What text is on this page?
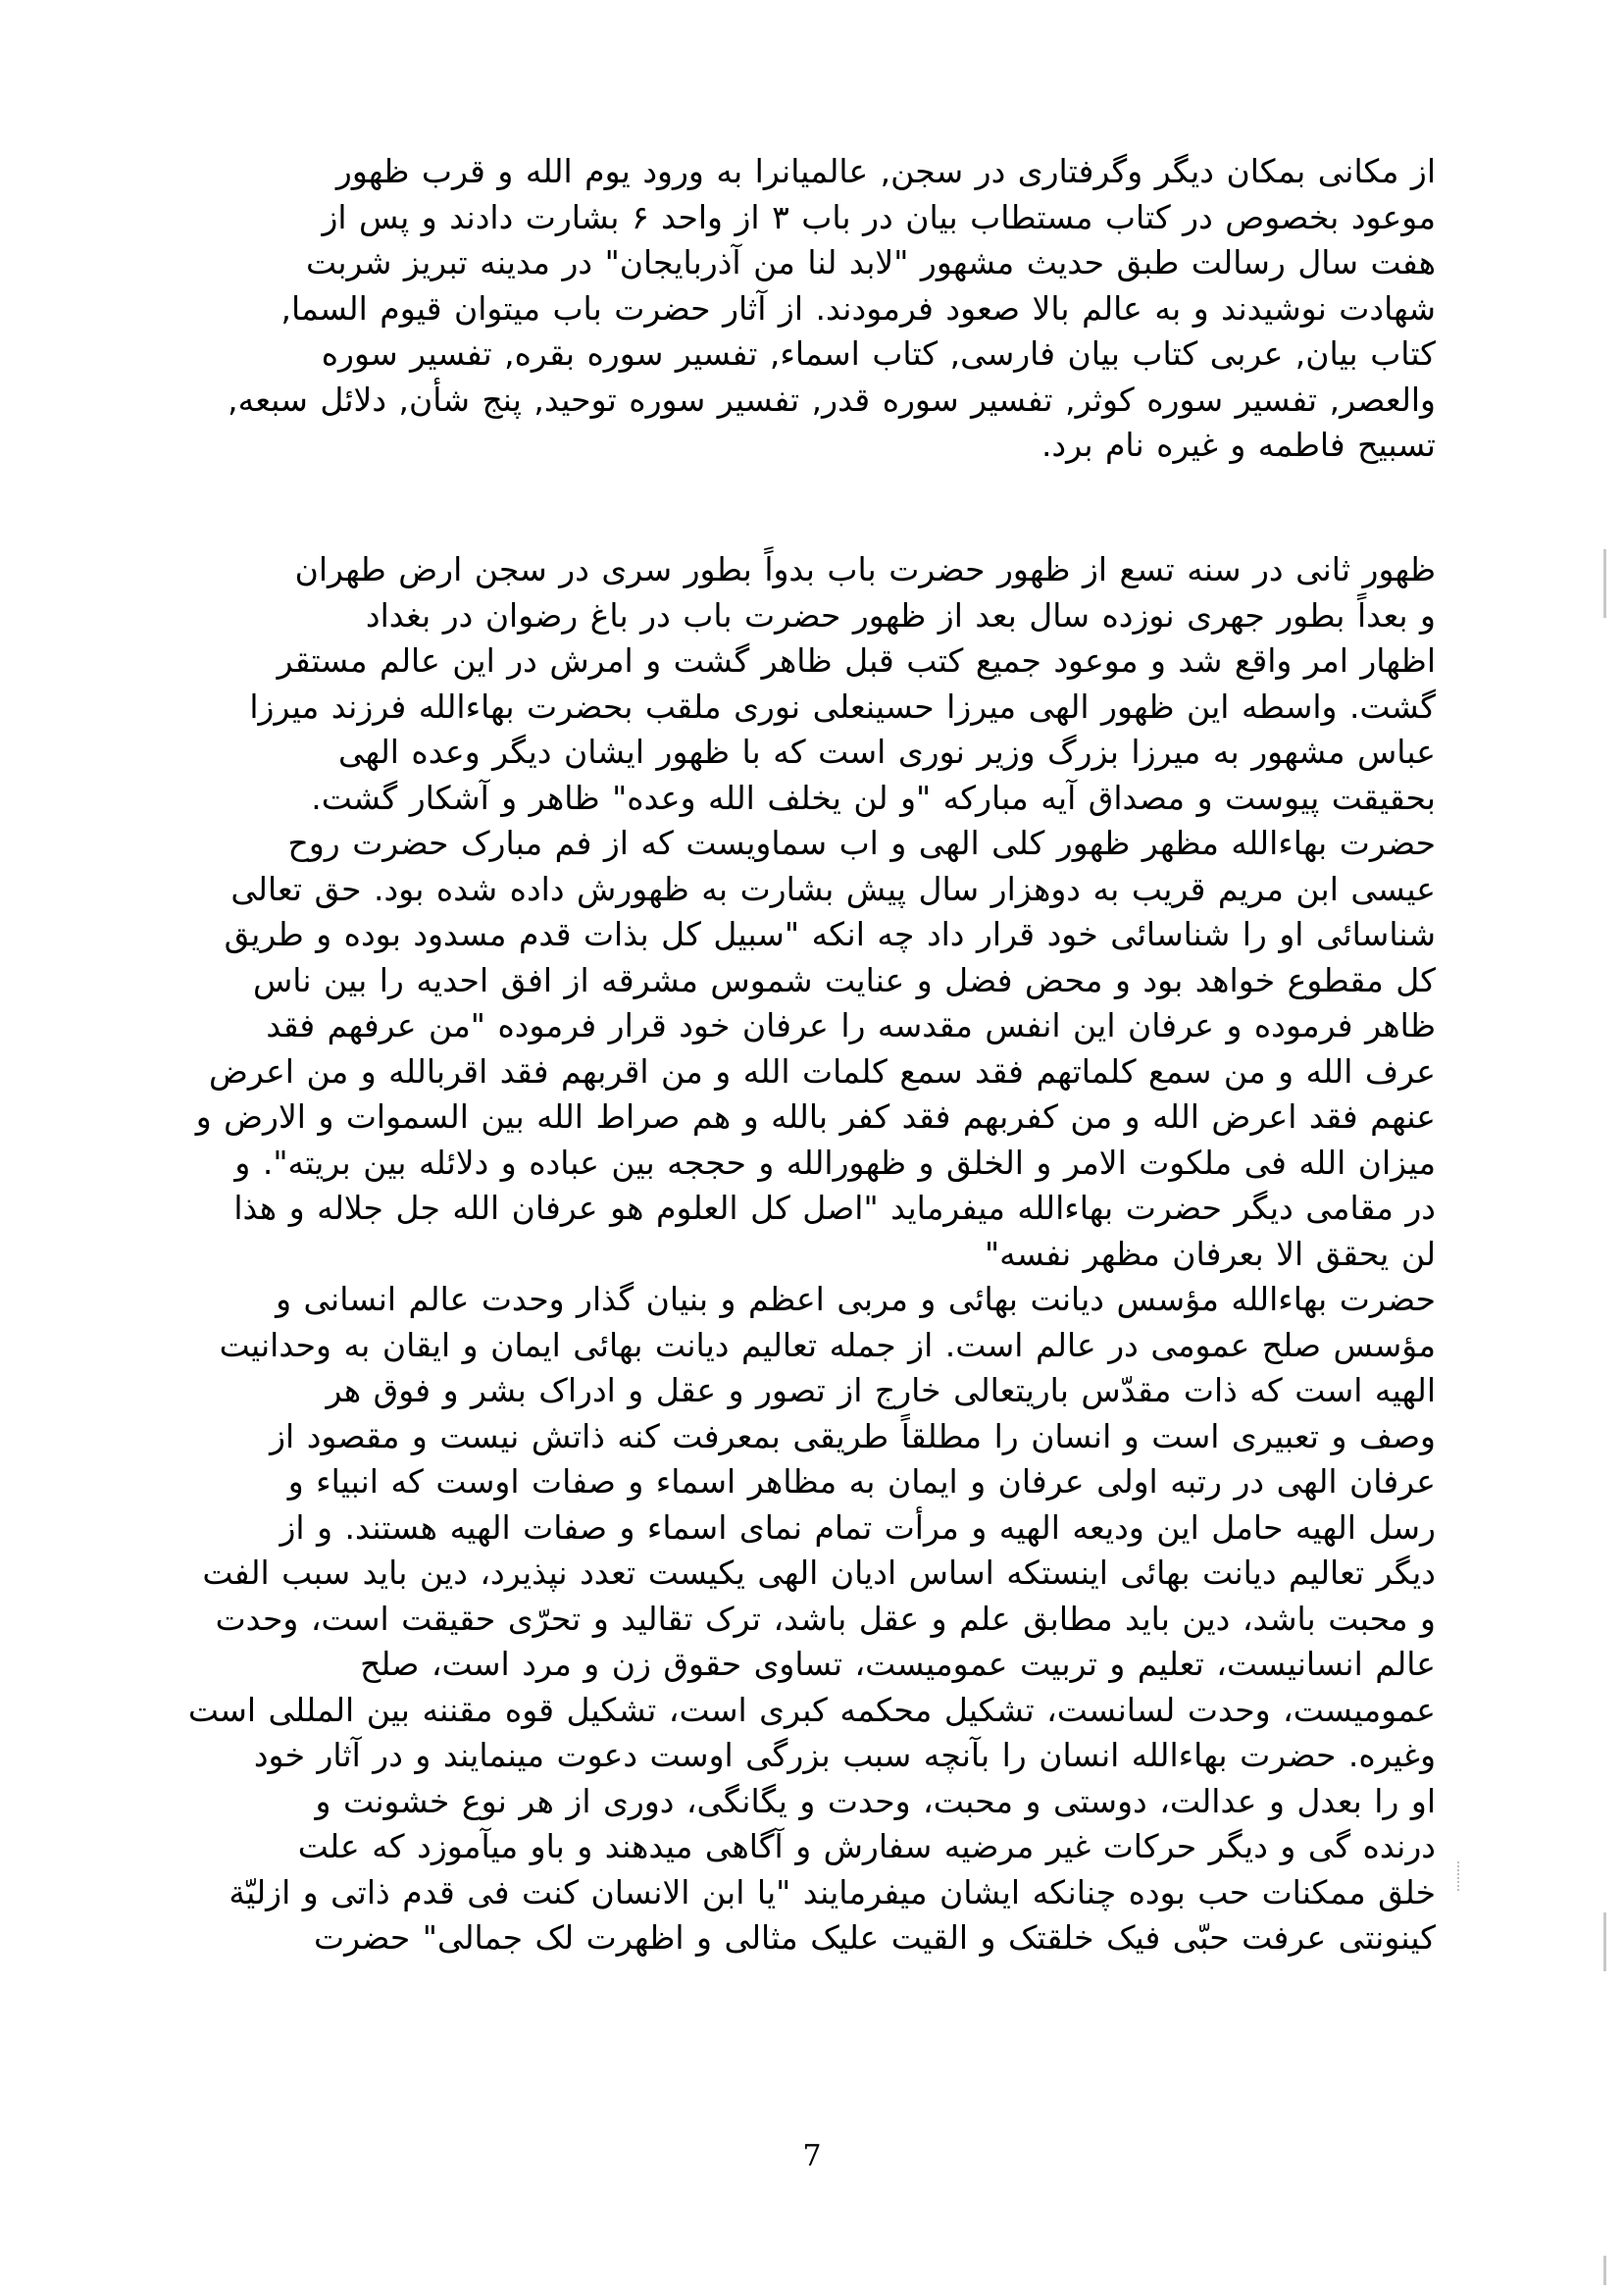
از مکانی بمکان دیگر وگرفتاری در سجن, عالمیانرا به ورود یوم الله و قرب ظهور
موعود بخصوص در کتاب مستطاب بیان در باب ۳ از واحد ۶ بشارت دادند و پس از
هفت سال رسالت طبق حدیث مشهور "لابد لنا من آذربایجان" در مدینه تبریز شربت
شهادت نوشیدند و به عالم بالا صعود فرمودند. از آثار حضرت باب میتوان قیوم السما,
کتاب بیان, عربی کتاب بیان فارسی, کتاب اسماء, تفسیر سوره بقره, تفسیر سوره
والعصر, تفسیر سوره کوثر, تفسیر سوره قدر, تفسیر سوره توحید, پنج شأن, دلائل سبعه,
تسبیح فاطمه و غیره نام برد.
ظهور ثانی در سنه تسع از ظهور حضرت باب بدواً بطور سری در سجن ارض طهران
و بعداً بطور جهری نوزده سال بعد از ظهور حضرت باب در باغ رضوان در بغداد
اظهار امر واقع شد و موعود جمیع کتب قبل ظاهر گشت و امرش در این عالم مستقر
گشت. واسطه این ظهور الهی میرزا حسینعلی نوری ملقب بحضرت بهاءالله فرزند میرزا
عباس مشهور به میرزا بزرگ وزیر نوری است که با ظهور ایشان دیگر وعده الهی
بحقیقت پیوست و مصداق آیه مبارکه "و لن یخلف الله وعده" ظاهر و آشکار گشت.
حضرت بهاءالله مظهر ظهور کلی الهی و اب سماویست که از فم مبارک حضرت روح
عیسی ابن مریم قریب به دوهزار سال پیش بشارت به ظهورش داده شده بود. حق تعالی
شناسائی او را شناسائی خود قرار داد چه انکه "سبیل کل بذات قدم مسدود بوده و طریق
کل مقطوع خواهد بود و محض فضل و عنایت شموس مشرقه از افق احدیه را بین ناس
ظاهر فرموده و عرفان این انفس مقدسه را عرفان خود قرار فرموده "من عرفهم فقد
عرف الله و من سمع کلماتهم فقد سمع کلمات الله و من اقربهم فقد اقربالله و من اعرض
عنهم فقد اعرض الله و من کفربهم فقد کفر بالله و هم صراط الله بین السموات و الارض و
میزان الله فی ملکوت الامر و الخلق و ظهورالله و حججه بین عباده و دلائله بین بریته". و
در مقامی دیگر حضرت بهاءالله میفرماید "اصل کل العلوم هو عرفان الله جل جلاله و هذا
لن یحقق الا بعرفان مظهر نفسه"
حضرت بهاءالله مؤسس دیانت بهائی و مربی اعظم و بنیان گذار وحدت عالم انسانی و
مؤسس صلح عمومی در عالم است. از جمله تعالیم دیانت بهائی ایمان و ایقان به وحدانیت
الهیه است که ذات مقدّس باریتعالی خارج از تصور و عقل و ادراک بشر و فوق هر
وصف و تعبیری است و انسان را مطلقاً طریقی بمعرفت کنه ذاتش نیست و مقصود از
عرفان الهی در رتبه اولی عرفان و ایمان به مظاهر اسماء و صفات اوست که انبیاء و
رسل الهیه حامل این ودیعه الهیه و مرأت تمام نمای اسماء و صفات الهیه هستند. و از
دیگر تعالیم دیانت بهائی اینستکه اساس ادیان الهی یکیست تعدد نپذیرد، دین باید سبب الفت
و محبت باشد، دین باید مطابق علم و عقل باشد، ترک تقالید و تحرّی حقیقت است، وحدت
عالم انسانیست، تعلیم و تربیت عمومیست، تساوی حقوق زن و مرد است، صلح
عمومیست، وحدت لسانست، تشکیل محکمه کبری است، تشکیل قوه مقننه بین المللی است
وغیره. حضرت بهاءالله انسان را بآنچه سبب بزرگی اوست دعوت مینمایند و در آثار خود
او را بعدل و عدالت، دوستی و محبت، وحدت و یگانگی، دوری از هر نوع خشونت و
درنده گی و دیگر حرکات غیر مرضیه سفارش و آگاهی میدهند و باو میآموزد که علت
خلق ممکنات حب بوده چنانکه ایشان میفرمایند "یا ابن الانسان کنت فی قدم ذاتی و ازلیّة
کینونتی عرفت حبّی فیک خلقتک و القیت علیک مثالی و اظهرت لک جمالی" حضرت
7
